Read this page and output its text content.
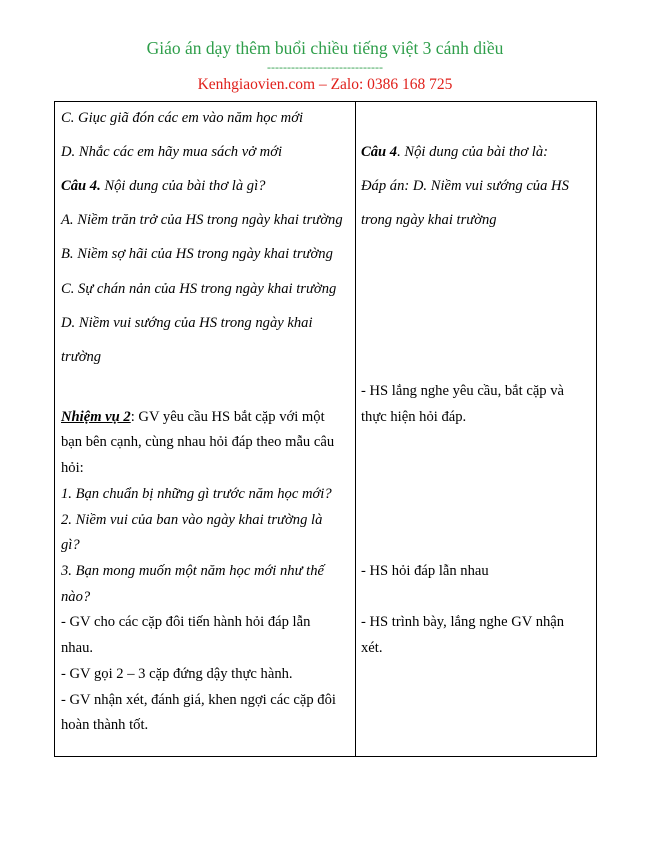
Giáo án dạy thêm buổi chiều tiếng việt 3 cánh diều
-----------------------------
Kenhgiaovien.com – Zalo: 0386 168 725
C. Giục giã đón các em vào năm học mới
D. Nhắc các em hãy mua sách vở mới
Câu 4. Nội dung của bài thơ là gì?
A. Niềm trăn trở của HS trong ngày khai trường
B. Niềm sợ hãi của HS trong ngày khai trường
C. Sự chán nản của HS trong ngày khai trường
D. Niềm vui sướng của HS trong ngày khai
trường
Nhiệm vụ 2: GV yêu cầu HS bắt cặp với một
bạn bên cạnh, cùng nhau hỏi đáp theo mẫu câu
hỏi:
1. Bạn chuẩn bị những gì trước năm học mới?
2. Niềm vui của ban vào ngày khai trường là
gì?
3. Bạn mong muốn một năm học mới như thế
nào?
- GV cho các cặp đôi tiến hành hỏi đáp lẫn
nhau.
- GV gọi 2 – 3 cặp đứng dậy thực hành.
- GV nhận xét, đánh giá, khen ngợi các cặp đôi
hoàn thành tốt.
Câu 4. Nội dung của bài thơ là:
Đáp án: D. Niềm vui sướng của HS
trong ngày khai trường
- HS lắng nghe yêu cầu, bắt cặp và
thực hiện hỏi đáp.
- HS hỏi đáp lẫn nhau
- HS trình bày, lắng nghe GV nhận
xét.
